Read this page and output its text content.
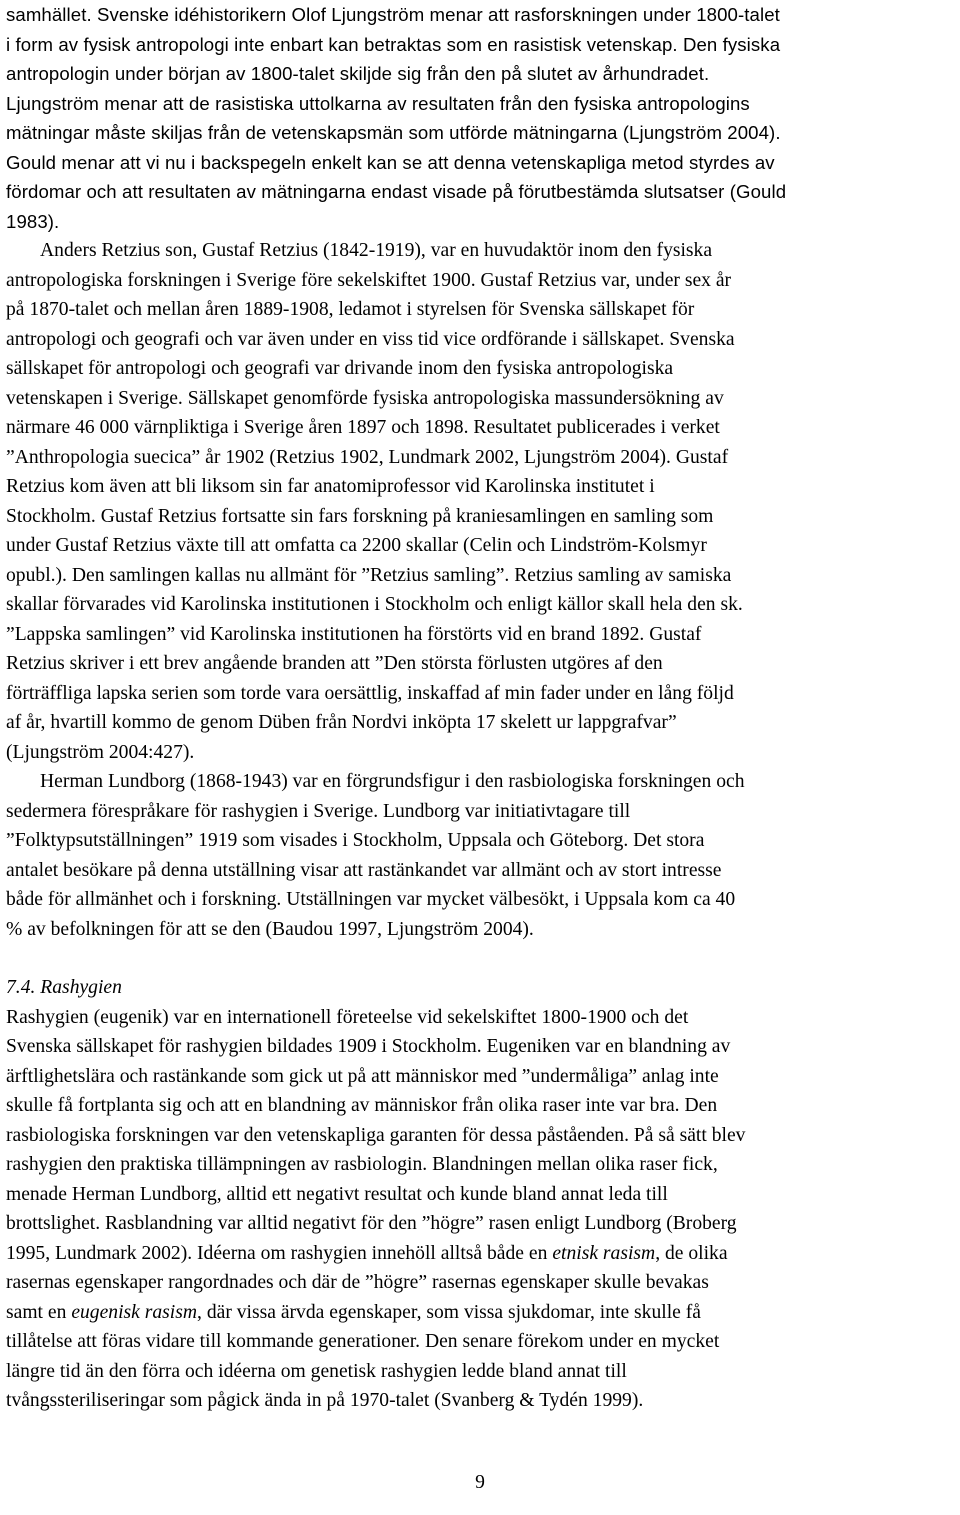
samhället. Svenske idéhistorikern Olof Ljungström menar att rasforskningen under 1800-talet
i form av fysisk antropologi inte enbart kan betraktas som en rasistisk vetenskap. Den fysiska
antropologin under början av 1800-talet skiljde sig från den på slutet av århundradet.
Ljungström menar att de rasistiska uttolkarna av resultaten från den fysiska antropologins
mätningar måste skiljas från de vetenskapsmän som utförde mätningarna (Ljungström 2004).
Gould menar att vi nu i backspegeln enkelt kan se att denna vetenskapliga metod styrdes av
fördomar och att resultaten av mätningarna endast visade på förutbestämda slutsatser (Gould
1983).

Anders Retzius son, Gustaf Retzius (1842-1919), var en huvudaktör inom den fysiska
antropologiska forskningen i Sverige före sekelskiftet 1900. Gustaf Retzius var, under sex år
på 1870-talet och mellan åren 1889-1908, ledamot i styrelsen för Svenska sällskapet för
antropologi och geografi och var även under en viss tid vice ordförande i sällskapet. Svenska
sällskapet för antropologi och geografi var drivande inom den fysiska antropologiska
vetenskapen i Sverige. Sällskapet genomförde fysiska antropologiska massundersökning av
närmare 46 000 värnpliktiga i Sverige åren 1897 och 1898. Resultatet publicerades i verket
”Anthropologia suecica” år 1902 (Retzius 1902, Lundmark 2002, Ljungström 2004). Gustaf
Retzius kom även att bli liksom sin far anatomiprofessor vid Karolinska institutet i
Stockholm. Gustaf Retzius fortsatte sin fars forskning på kraniesamlingen en samling som
under Gustaf Retzius växte till att omfatta ca 2200 skallar (Celin och Lindström-Kolsmyr
opubl.). Den samlingen kallas nu allmänt för ”Retzius samling”. Retzius samling av samiska
skallar förvarades vid Karolinska institutionen i Stockholm och enligt källor skall hela den sk.
”Lappska samlingen” vid Karolinska institutionen ha förstörts vid en brand 1892. Gustaf
Retzius skriver i ett brev angående branden att ”Den största förlusten utgöres af den
förträffliga lapska serien som torde vara oersättlig, inskaffad af min fader under en lång följd
af år, hvartill kommo de genom Düben från Nordvi inköpta 17 skelett ur lappgrafvar”
(Ljungström 2004:427).

Herman Lundborg (1868-1943) var en förgrundsfigur i den rasbiologiska forskningen och
sedermera förespråkare för rashygien i Sverige. Lundborg var initiativtagare till
”Folktypsutställningen” 1919 som visades i Stockholm, Uppsala och Göteborg. Det stora
antalet besökare på denna utställning visar att rastänkandet var allmänt och av stort intresse
både för allmänhet och i forskning. Utställningen var mycket välbesökt, i Uppsala kom ca 40
% av befolkningen för att se den (Baudou 1997, Ljungström 2004).

7.4. Rashygien

Rashygien (eugenik) var en internationell företeelse vid sekelskiftet 1800-1900 och det
Svenska sällskapet för rashygien bildades 1909 i Stockholm. Eugeniken var en blandning av
ärftlighetslära och rastänkande som gick ut på att människor med ”undermåliga” anlag inte
skulle få fortplanta sig och att en blandning av människor från olika raser inte var bra. Den
rasbiologiska forskningen var den vetenskapliga garanten för dessa påståenden. På så sätt blev
rashygien den praktiska tillämpningen av rasbiologin. Blandningen mellan olika raser fick,
menade Herman Lundborg, alltid ett negativt resultat och kunde bland annat leda till
brottslighet. Rasblandning var alltid negativt för den ”högre” rasen enligt Lundborg (Broberg
1995, Lundmark 2002). Idéerna om rashygien innehöll alltså både en etnisk rasism, de olika
rasernas egenskaper rangordnades och där de ”högre” rasernas egenskaper skulle bevakas
samt en eugenisk rasism, där vissa ärvda egenskaper, som vissa sjukdomar, inte skulle få
tillåtelse att föras vidare till kommande generationer. Den senare förekom under en mycket
längre tid än den förra och idéerna om genetisk rashygien ledde bland annat till
tvångssteriliseringar som pågick ända in på 1970-talet (Svanberg & Tydén 1999).

9
